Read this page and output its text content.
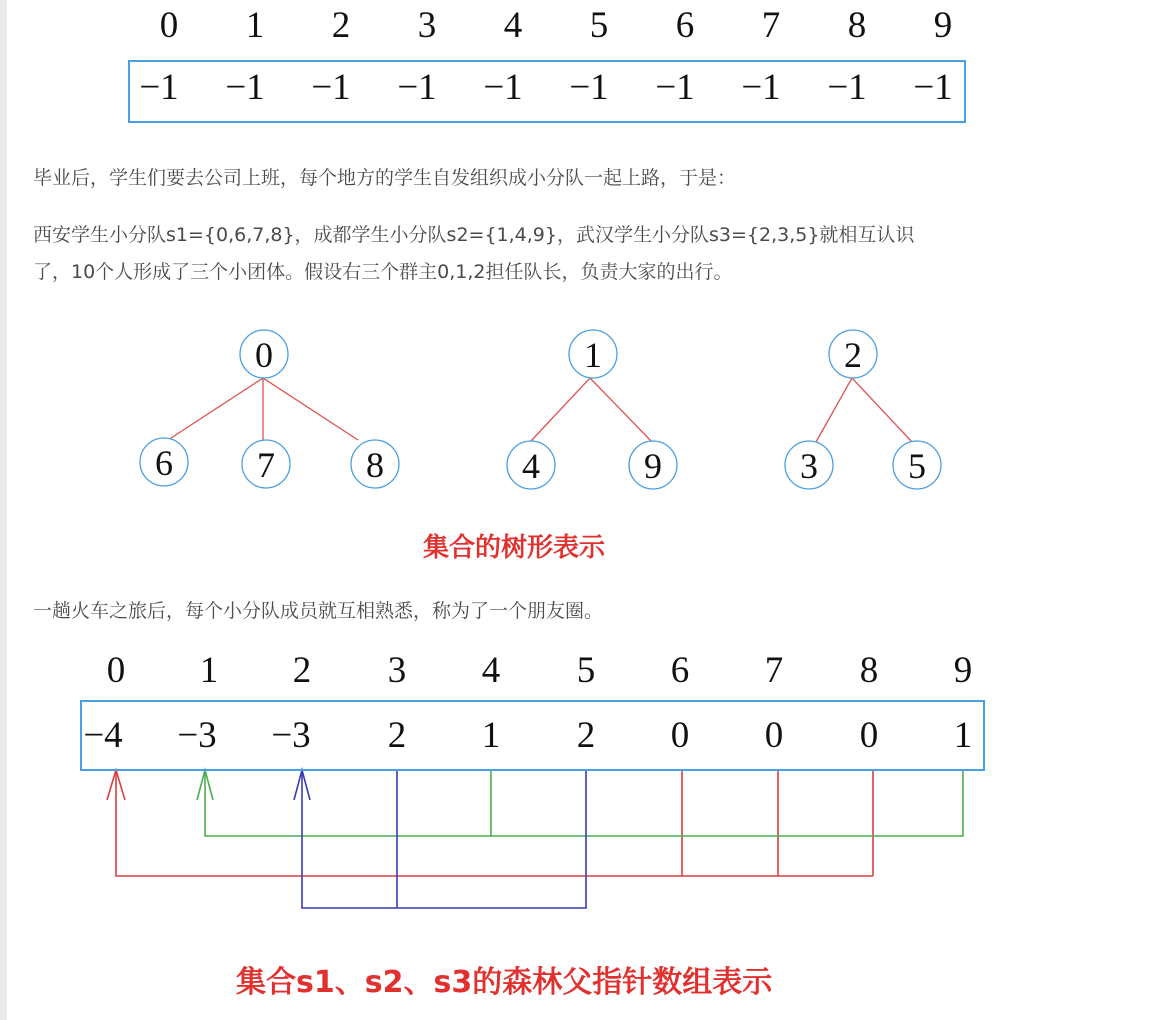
0	1	2	3	4	5	6	7	8	9
−1 −1 −1 −1 −1 −1 −1 −1 −1 −1
毕业后，学生们要去公司上班，每个地方的学生自发组织成小分队一起上路，于是：
西安学生小分队s1={0,6,7,8}，成都学生小分队s2={1,4,9}，武汉学生小分队s3={2,3,5}就相互认识
了，10个人形成了三个小团体。假设右三个群主0,1,2担任队长，负责大家的出行。
0
6 7	8
1
4	9
2
3	5
集合的树形表示
一趟火车之旅后，每个小分队成员就互相熟悉，称为了一个朋友圈。
0	1	2	3	4	5	6	7	8	9
−4 −3 −3	2	1	2	0	0	0	1
集合s1、s2、s3的森林父指针数组表示
